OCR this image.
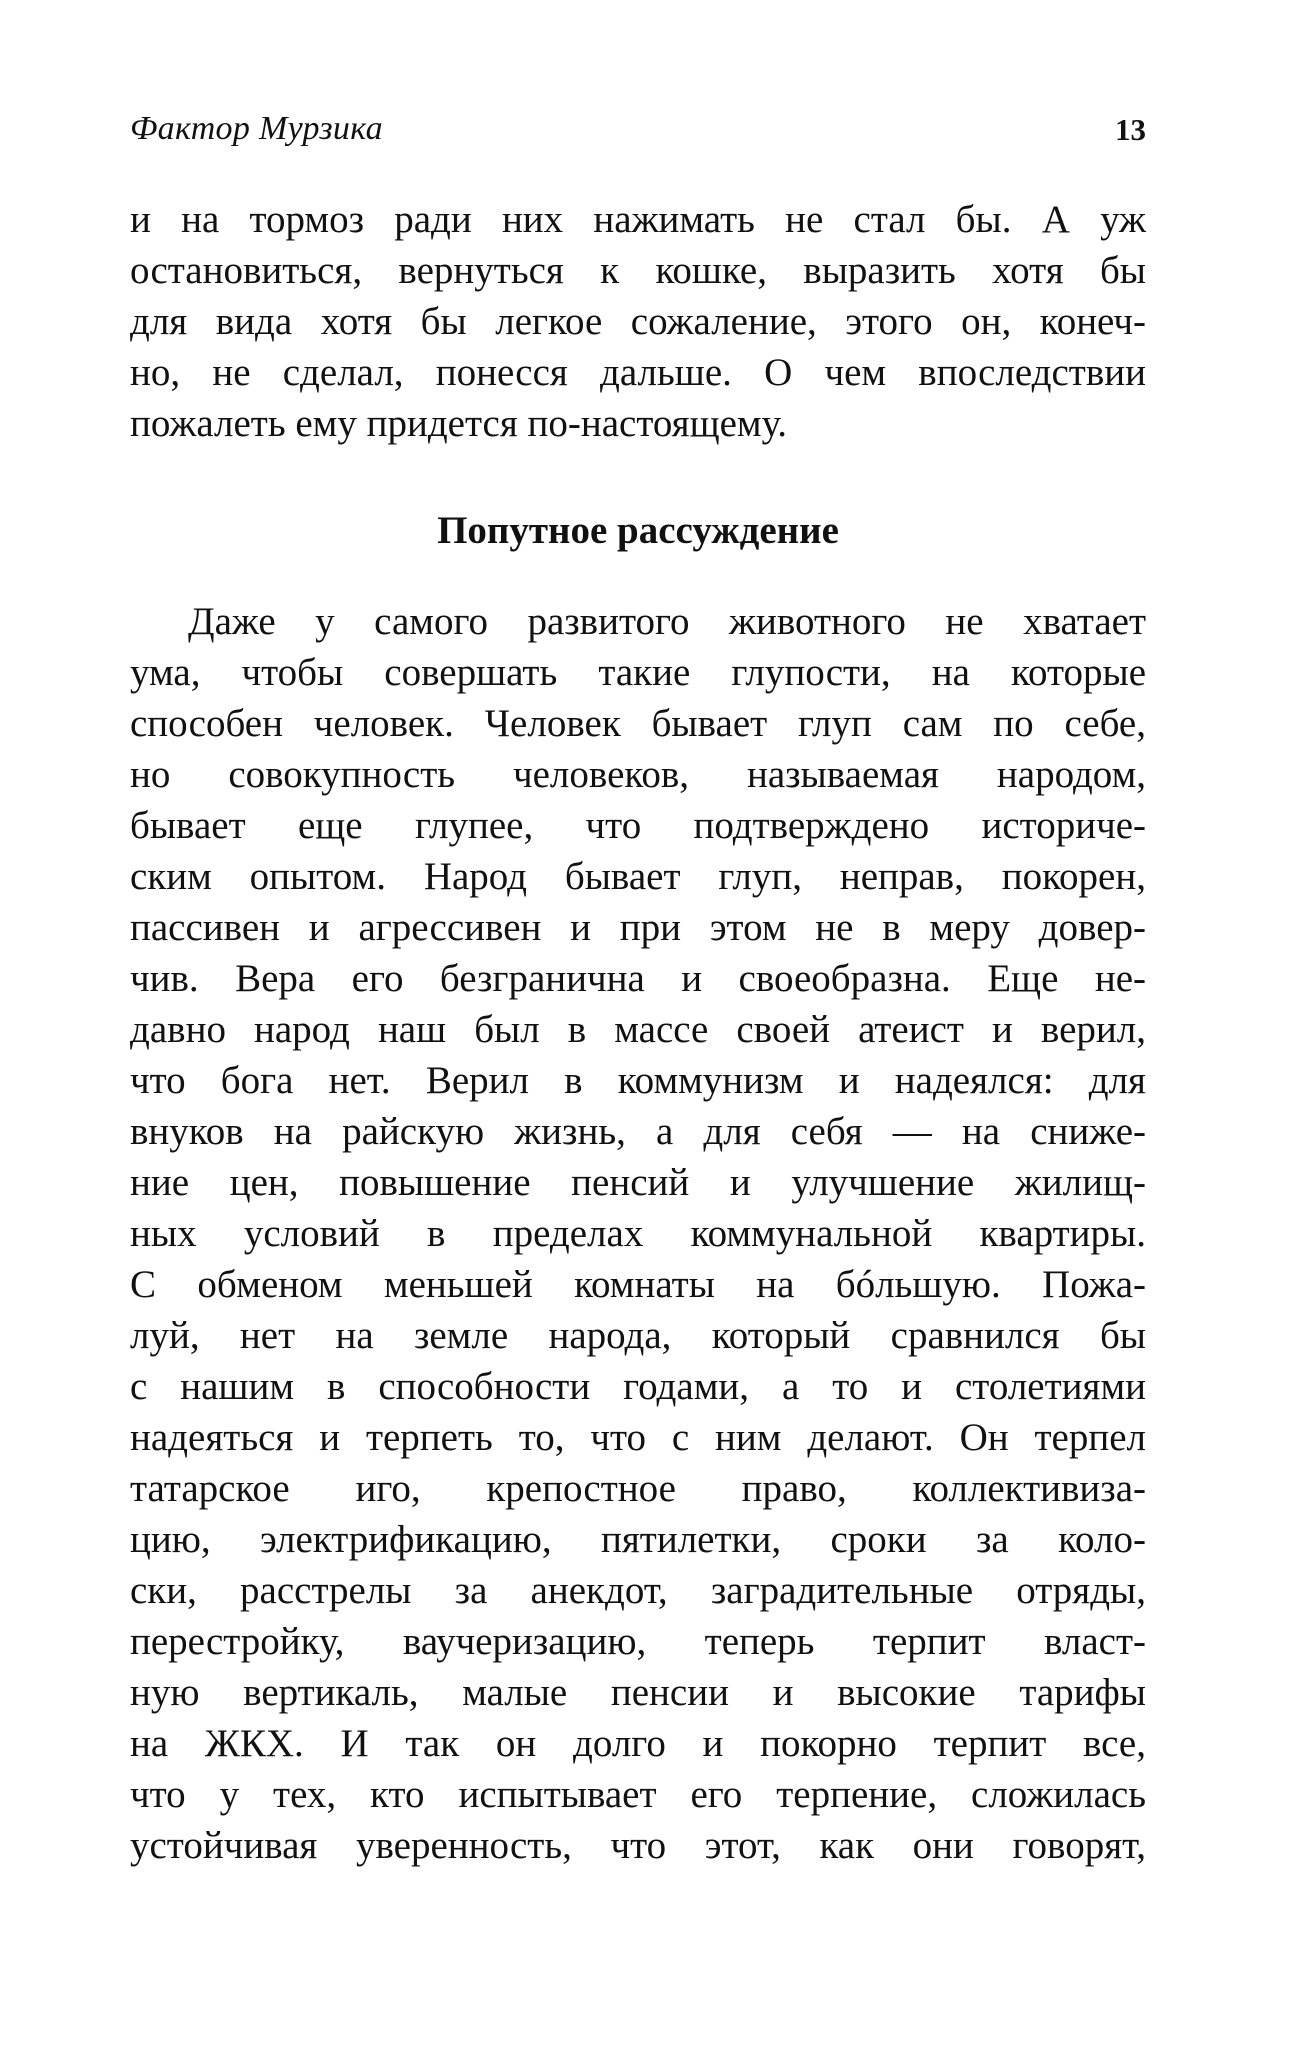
Фактор Мурзика	13
и на тормоз ради них нажимать не стал бы. А уж
остановиться, вернуться к кошке, выразить хотя бы
для вида хотя бы легкое сожаление, этого он, конеч-
но, не сделал, понесся дальше. О чем впоследствии
пожалеть ему придется по-настоящему.
Попутное рассуждение
Даже у самого развитого животного не хватает
ума, чтобы совершать такие глупости, на которые
способен человек. Человек бывает глуп сам по себе,
но совокупность человеков, называемая народом,
бывает еще глупее, что подтверждено историче-
ским опытом. Народ бывает глуп, неправ, покорен,
пассивен и агрессивен и при этом не в меру довер-
чив. Вера его безгранична и своеобразна. Еще не-
давно народ наш был в массе своей атеист и верил,
что бога нет. Верил в коммунизм и надеялся: для
внуков на райскую жизнь, а для себя — на сниже-
ние цен, повышение пенсий и улучшение жилищ-
ных условий в пределах коммунальной квартиры.
С обменом меньшей комнаты на бóльшую. Пожа-
луй, нет на земле народа, который сравнился бы
с нашим в способности годами, а то и столетиями
надеяться и терпеть то, что с ним делают. Он терпел
татарское иго, крепостное право, коллективиза-
цию, электрификацию, пятилетки, сроки за коло-
ски, расстрелы за анекдот, заградительные отряды,
перестройку, ваучеризацию, теперь терпит власт-
ную вертикаль, малые пенсии и высокие тарифы
на ЖКХ. И так он долго и покорно терпит все,
что у тех, кто испытывает его терпение, сложилась
устойчивая уверенность, что этот, как они говорят,
